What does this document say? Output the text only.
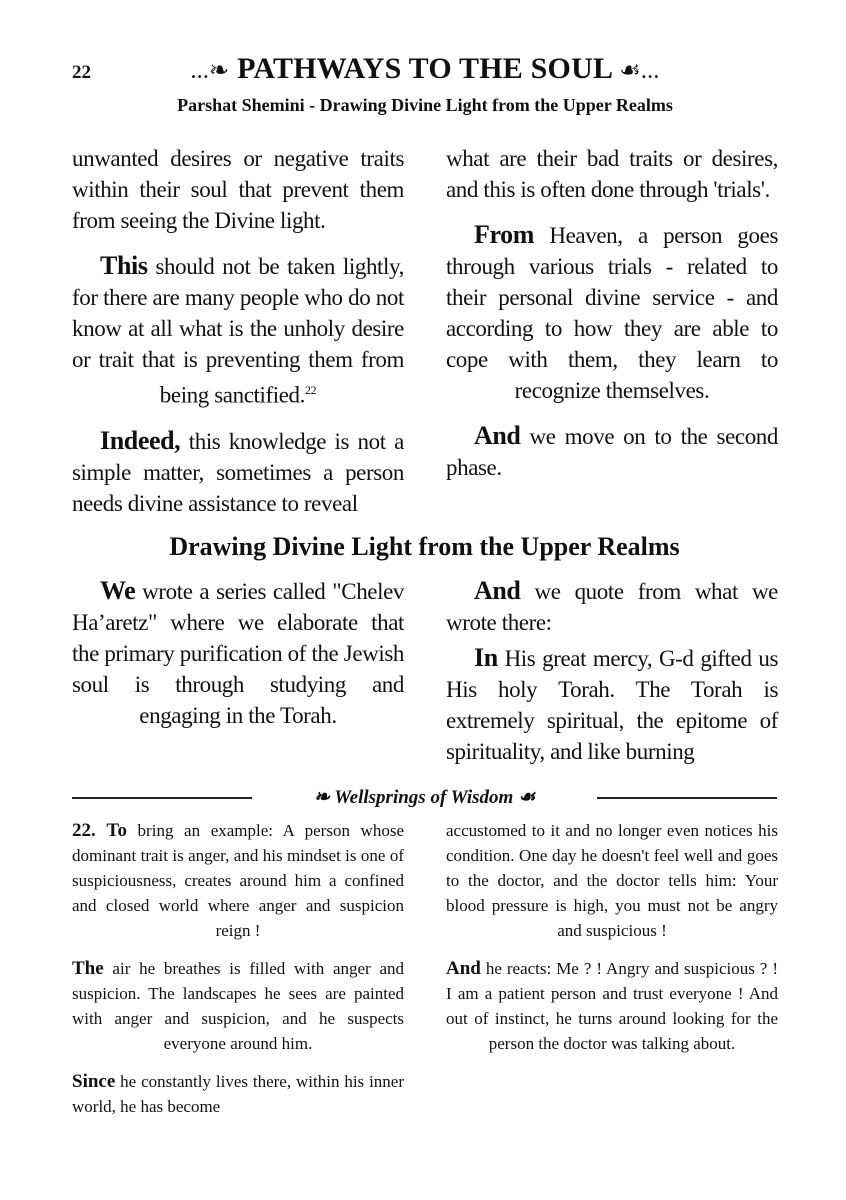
22	...❧ PATHWAYS TO THE SOUL ☙...
Parshat Shemini - Drawing Divine Light from the Upper Realms

unwanted desires or negative traits within their soul that prevent them from seeing the Divine light.

This should not be taken lightly, for there are many people who do not know at all what is the unholy desire or trait that is preventing them from being sanctified.$^{22}$

Indeed, this knowledge is not a simple matter, sometimes a person needs divine assistance to reveal

what are their bad traits or desires, and this is often done through 'trials'.

From Heaven, a person goes through various trials - related to their personal divine service - and according to how they are able to cope with them, they learn to recognize themselves.

And we move on to the second phase.

Drawing Divine Light from the Upper Realms

We wrote a series called "Chelev Ha’aretz" where we elaborate that the primary purification of the Jewish soul is through studying and engaging in the Torah.

And we quote from what we wrote there:

In His great mercy, G-d gifted us His holy Torah. The Torah is extremely spiritual, the epitome of spirituality, and like burning

❧ Wellsprings of Wisdom ☙

22. To bring an example: A person whose dominant trait is anger, and his mindset is one of suspiciousness, creates around him a confined and closed world where anger and suspicion reign !

The air he breathes is filled with anger and suspicion. The landscapes he sees are painted with anger and suspicion, and he suspects everyone around him.

Since he constantly lives there, within his inner world, he has become

accustomed to it and no longer even notices his condition. One day he doesn't feel well and goes to the doctor, and the doctor tells him: Your blood pressure is high, you must not be angry and suspicious !

And he reacts: Me ? ! Angry and suspicious ? ! I am a patient person and trust everyone ! And out of instinct, he turns around looking for the person the doctor was talking about.
